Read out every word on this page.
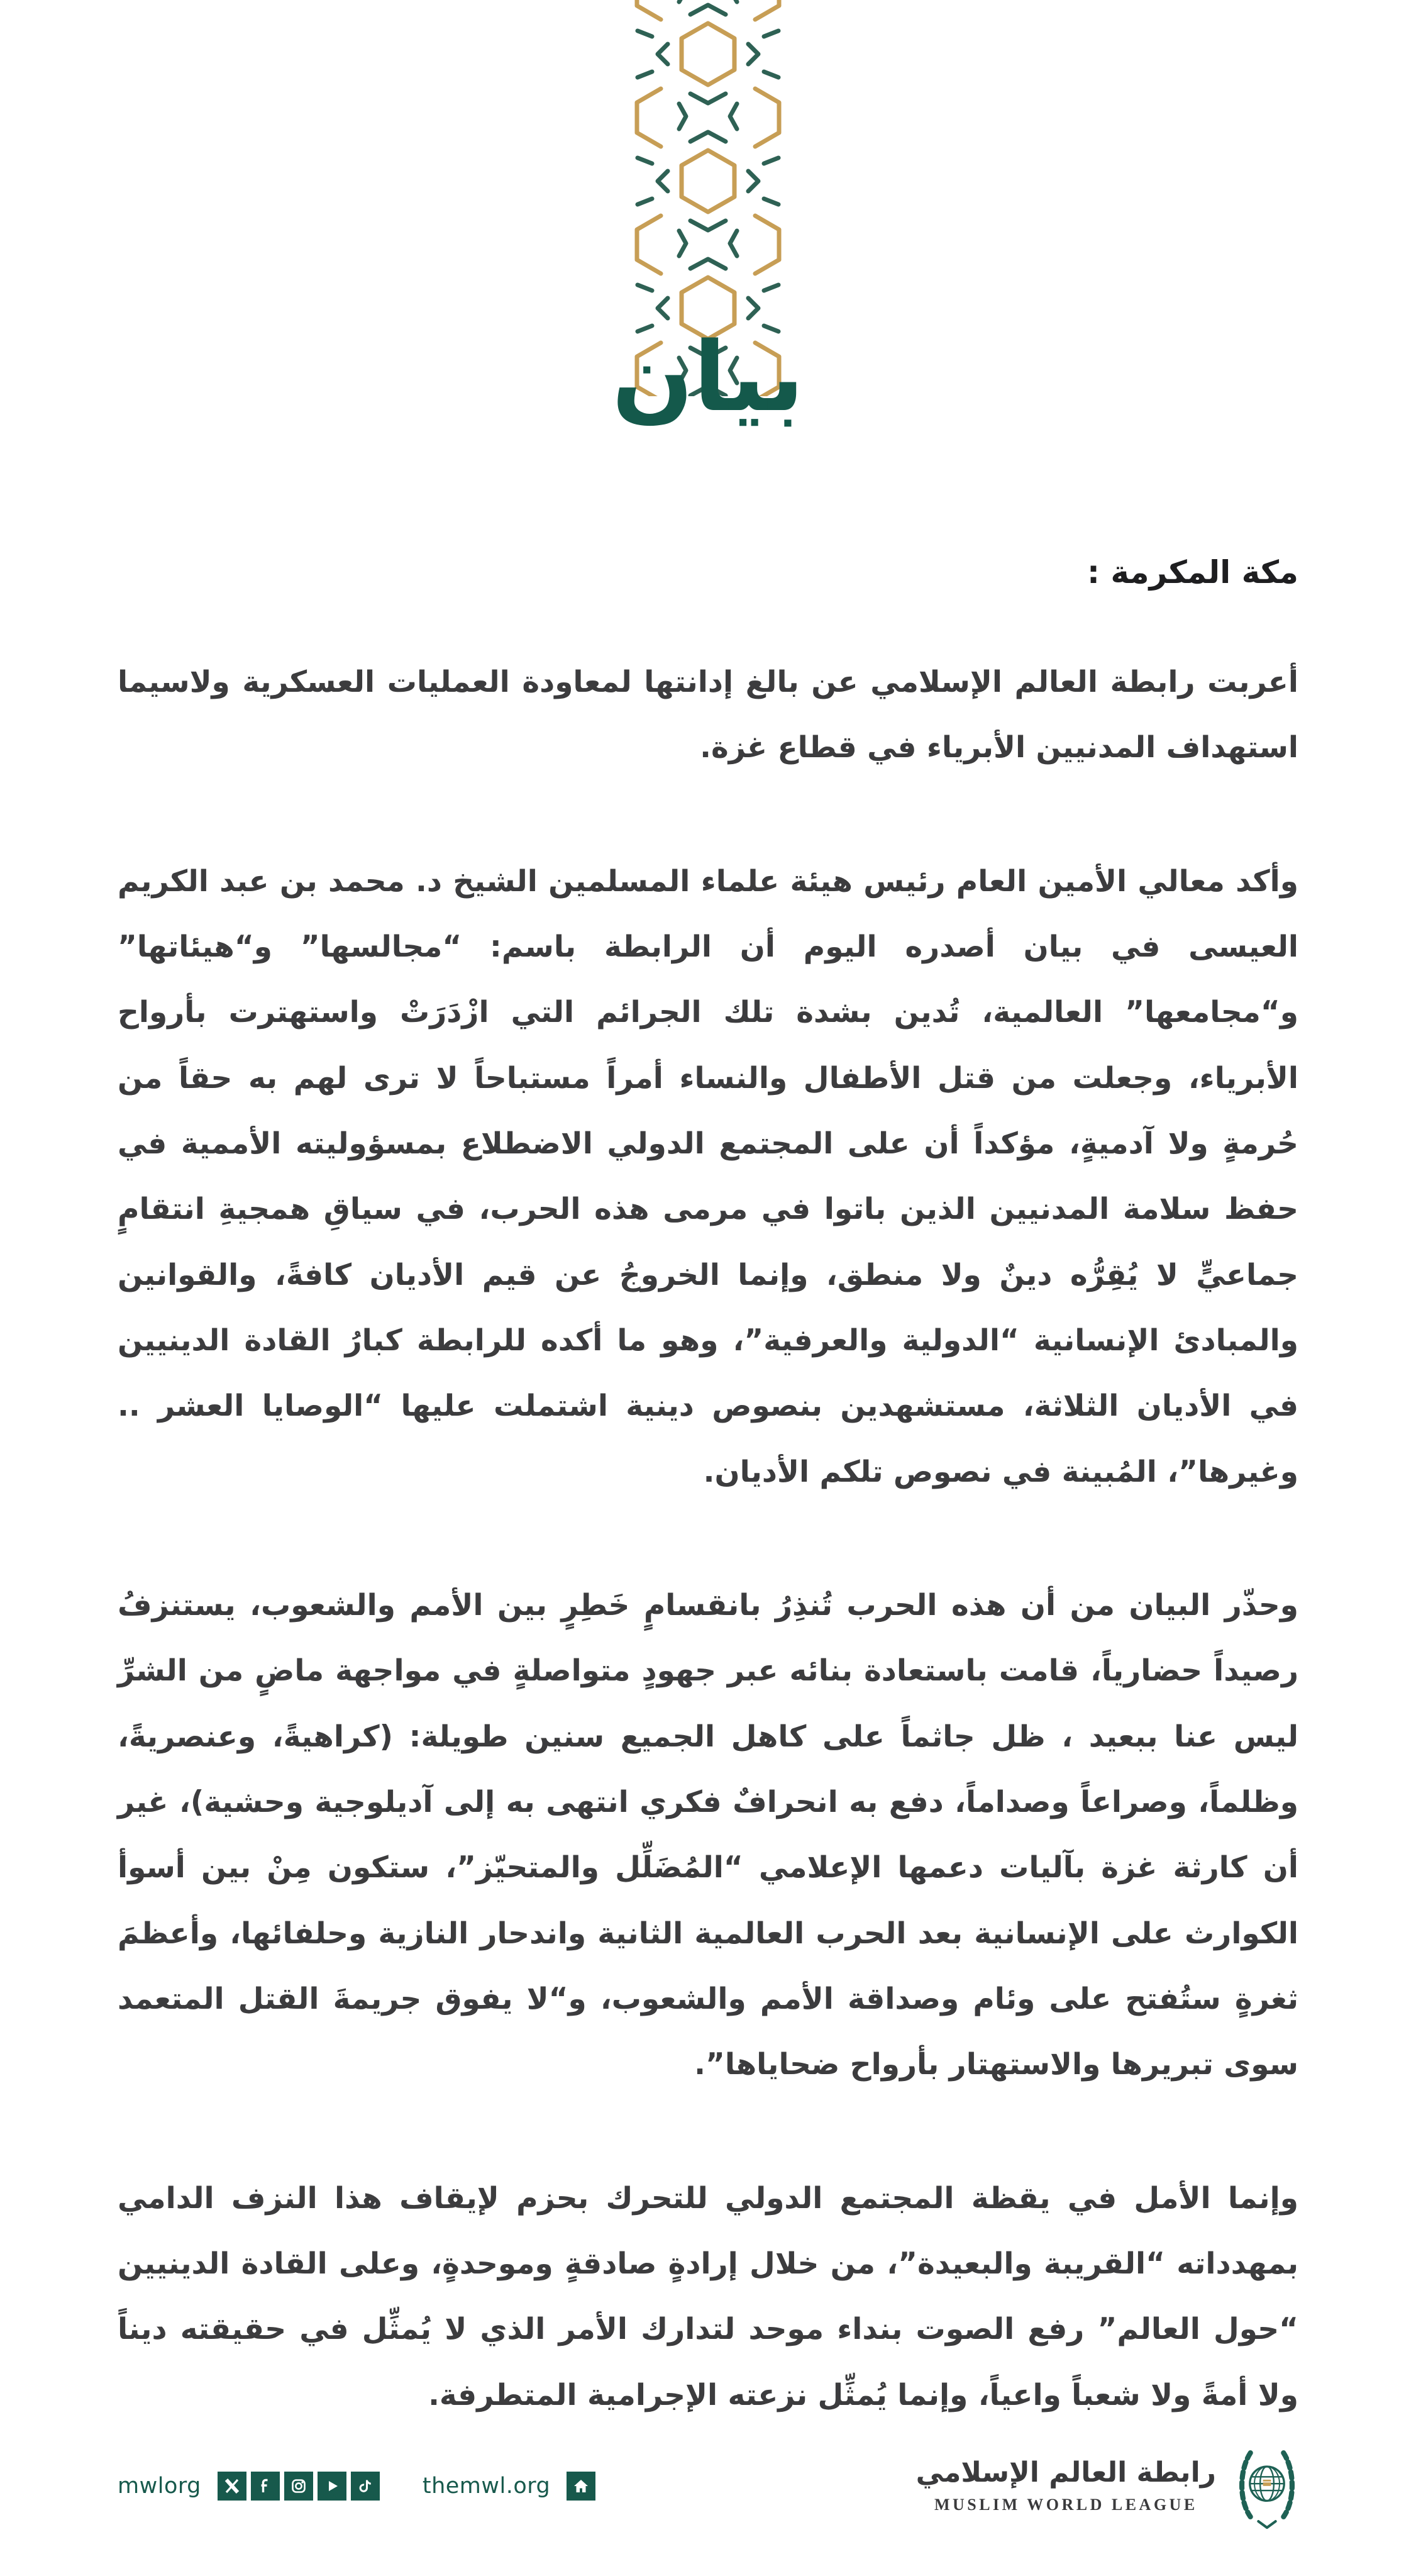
بيان
مكة المكرمة :

أعربت رابطة العالم الإسلامي عن بالغ إدانتها لمعاودة العمليات العسكرية ولاسيما استهداف المدنيين الأبرياء في قطاع غزة.

وأكد معالي الأمين العام رئيس هيئة علماء المسلمين الشيخ د. محمد بن عبد الكريم العيسى في بيان أصدره اليوم أن الرابطة باسم: “مجالسها” و“هيئاتها” و“مجامعها” العالمية، تُدين بشدة تلك الجرائم التي ازْدَرَتْ واستهترت بأرواح الأبرياء، وجعلت من قتل الأطفال والنساء أمراً مستباحاً لا ترى لهم به حقاً من حُرمةٍ ولا آدميةٍ، مؤكداً أن على المجتمع الدولي الاضطلاع بمسؤوليته الأممية في حفظ سلامة المدنيين الذين باتوا في مرمى هذه الحرب، في سياقِ همجيةِ انتقامٍ جماعيٍّ لا يُقِرُّه دينٌ ولا منطق، وإنما الخروجُ عن قيم الأديان كافةً، والقوانين والمبادئ الإنسانية “الدولية والعرفية”، وهو ما أكده للرابطة كبارُ القادة الدينيين في الأديان الثلاثة، مستشهدين بنصوص دينية اشتملت عليها “الوصايا العشر .. وغيرها”، المُبينة في نصوص تلكم الأديان.

وحذّر البيان من أن هذه الحرب تُنذِرُ بانقسامٍ خَطِرٍ بين الأمم والشعوب، يستنزفُ رصيداً حضارياً، قامت باستعادة بنائه عبر جهودٍ متواصلةٍ في مواجهة ماضٍ من الشرِّ ليس عنا ببعيد ، ظل جاثماً على كاهل الجميع سنين طويلة: (كراهيةً، وعنصريةً، وظلماً، وصراعاً وصداماً، دفع به انحرافٌ فكري انتهى به إلى آديلوجية وحشية)، غير أن كارثة غزة بآليات دعمها الإعلامي “المُضَلِّل والمتحيّز”، ستكون مِنْ بين أسوأ الكوارث على الإنسانية بعد الحرب العالمية الثانية واندحار النازية وحلفائها، وأعظمَ ثغرةٍ ستُفتح على وئام وصداقة الأمم والشعوب، و“لا يفوق جريمةَ القتل المتعمد سوى تبريرها والاستهتار بأرواح ضحاياها”.

وإنما الأمل في يقظة المجتمع الدولي للتحرك بحزم لإيقاف هذا النزف الدامي بمهدداته “القريبة والبعيدة”، من خلال إرادةٍ صادقةٍ وموحدةٍ، وعلى القادة الدينيين “حول العالم” رفع الصوت بنداء موحد لتدارك الأمر الذي لا يُمثِّل في حقيقته ديناً ولا أمةً ولا شعباً واعياً، وإنما يُمثِّل نزعته الإجرامية المتطرفة.

mwlorg	themwl.org	رابطة العالم الإسلامي
MUSLIM WORLD LEAGUE
